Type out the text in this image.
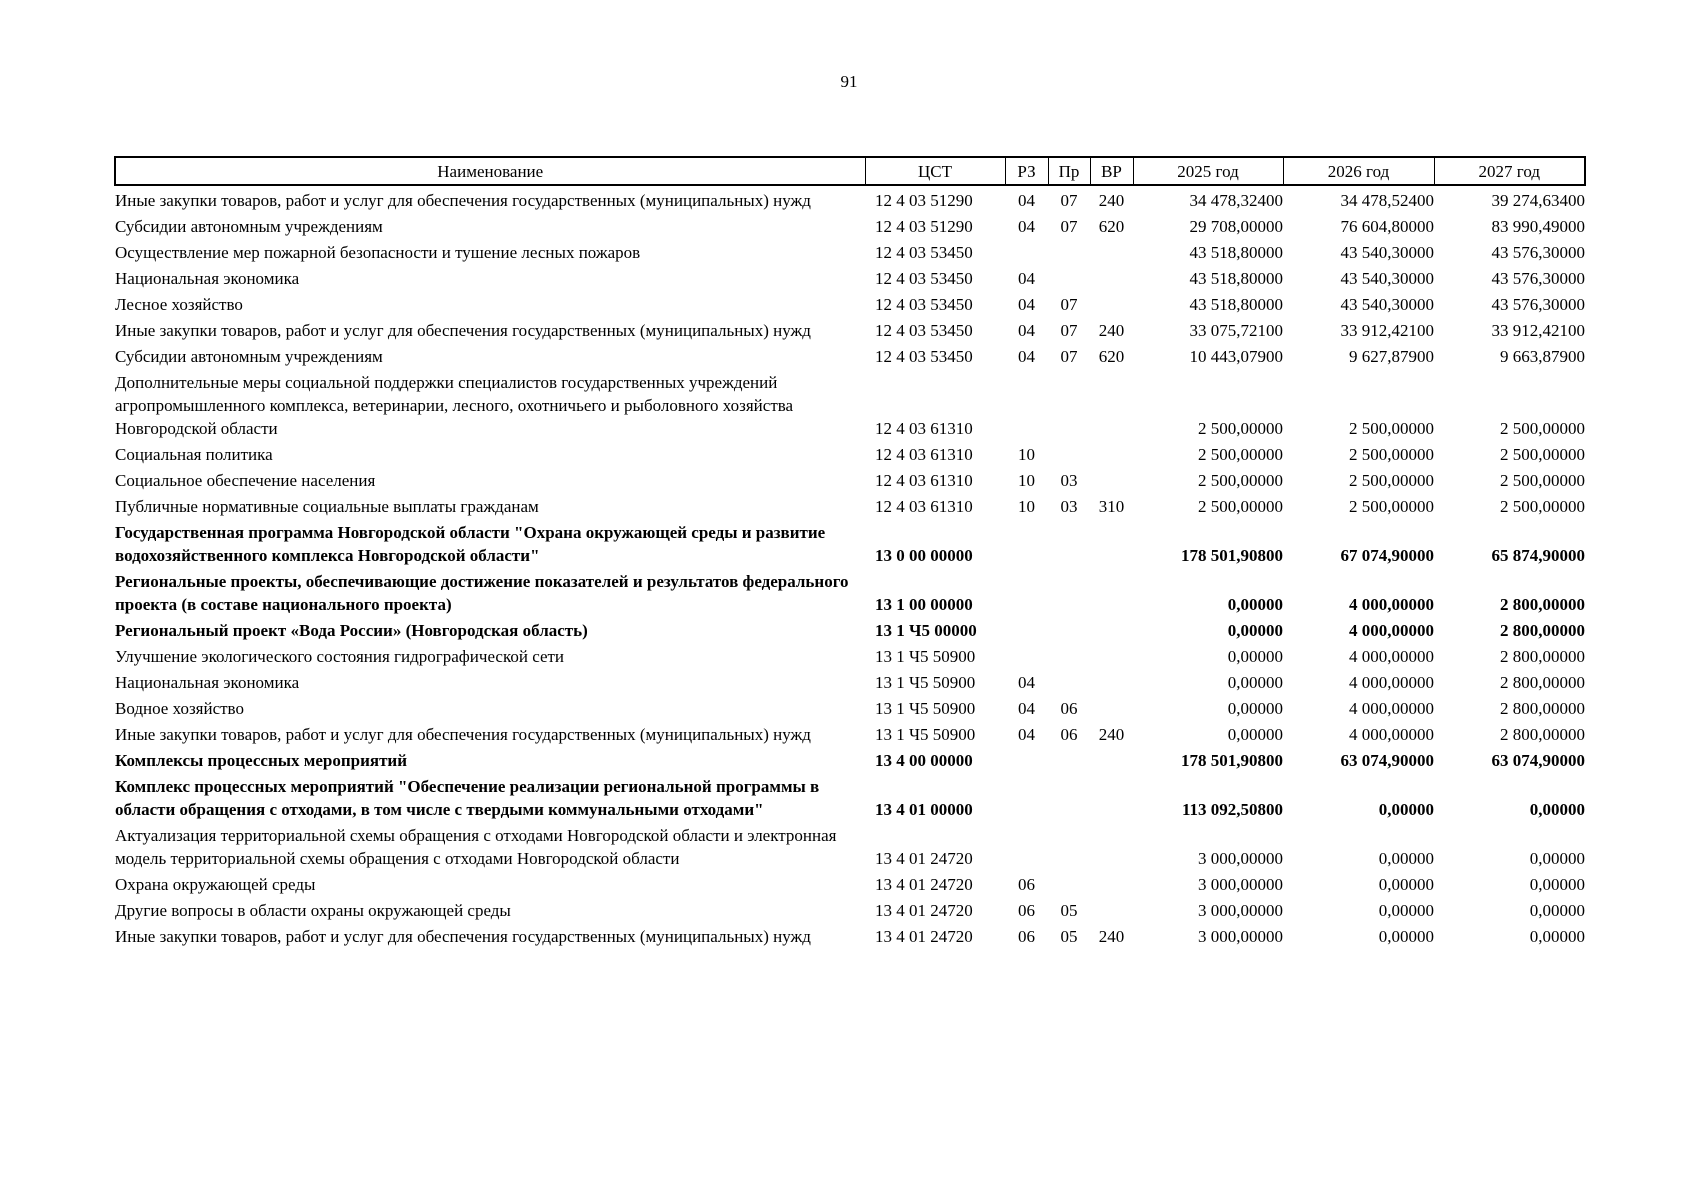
91
Наименование	ЦСТ	РЗ	Пр	ВР	2025 год	2026 год	2027 год
Иные закупки товаров, работ и услуг для обеспечения государственных (муниципальных) нужд	12 4 03 51290	04	07	240	34 478,32400	34 478,52400	39 274,63400
Субсидии автономным учреждениям	12 4 03 51290	04	07	620	29 708,00000	76 604,80000	83 990,49000
Осуществление мер пожарной безопасности и тушение лесных пожаров	12 4 03 53450				43 518,80000	43 540,30000	43 576,30000
Национальная экономика	12 4 03 53450	04			43 518,80000	43 540,30000	43 576,30000
Лесное хозяйство	12 4 03 53450	04	07		43 518,80000	43 540,30000	43 576,30000
Иные закупки товаров, работ и услуг для обеспечения государственных (муниципальных) нужд	12 4 03 53450	04	07	240	33 075,72100	33 912,42100	33 912,42100
Субсидии автономным учреждениям	12 4 03 53450	04	07	620	10 443,07900	9 627,87900	9 663,87900
Дополнительные меры социальной поддержки специалистов государственных учреждений агропромышленного комплекса, ветеринарии, лесного, охотничьего и рыболовного хозяйства Новгородской области	12 4 03 61310				2 500,00000	2 500,00000	2 500,00000
Социальная политика	12 4 03 61310	10			2 500,00000	2 500,00000	2 500,00000
Социальное обеспечение населения	12 4 03 61310	10	03		2 500,00000	2 500,00000	2 500,00000
Публичные нормативные социальные выплаты гражданам	12 4 03 61310	10	03	310	2 500,00000	2 500,00000	2 500,00000
Государственная программа Новгородской области "Охрана окружающей среды и развитие водохозяйственного комплекса Новгородской области"	13 0 00 00000				178 501,90800	67 074,90000	65 874,90000
Региональные проекты, обеспечивающие достижение показателей и результатов федерального проекта (в составе национального проекта)	13 1 00 00000				0,00000	4 000,00000	2 800,00000
Региональный проект «Вода России» (Новгородская область)	13 1 Ч5 00000				0,00000	4 000,00000	2 800,00000
Улучшение экологического состояния гидрографической сети	13 1 Ч5 50900				0,00000	4 000,00000	2 800,00000
Национальная экономика	13 1 Ч5 50900	04			0,00000	4 000,00000	2 800,00000
Водное хозяйство	13 1 Ч5 50900	04	06		0,00000	4 000,00000	2 800,00000
Иные закупки товаров, работ и услуг для обеспечения государственных (муниципальных) нужд	13 1 Ч5 50900	04	06	240	0,00000	4 000,00000	2 800,00000
Комплексы процессных мероприятий	13 4 00 00000				178 501,90800	63 074,90000	63 074,90000
Комплекс процессных мероприятий "Обеспечение реализации региональной программы в области обращения с отходами, в том числе с твердыми коммунальными отходами"	13 4 01 00000				113 092,50800	0,00000	0,00000
Актуализация территориальной схемы обращения с отходами Новгородской области и электронная модель территориальной схемы обращения с отходами Новгородской области	13 4 01 24720				3 000,00000	0,00000	0,00000
Охрана окружающей среды	13 4 01 24720	06			3 000,00000	0,00000	0,00000
Другие вопросы в области охраны окружающей среды	13 4 01 24720	06	05		3 000,00000	0,00000	0,00000
Иные закупки товаров, работ и услуг для обеспечения государственных (муниципальных) нужд	13 4 01 24720	06	05	240	3 000,00000	0,00000	0,00000
